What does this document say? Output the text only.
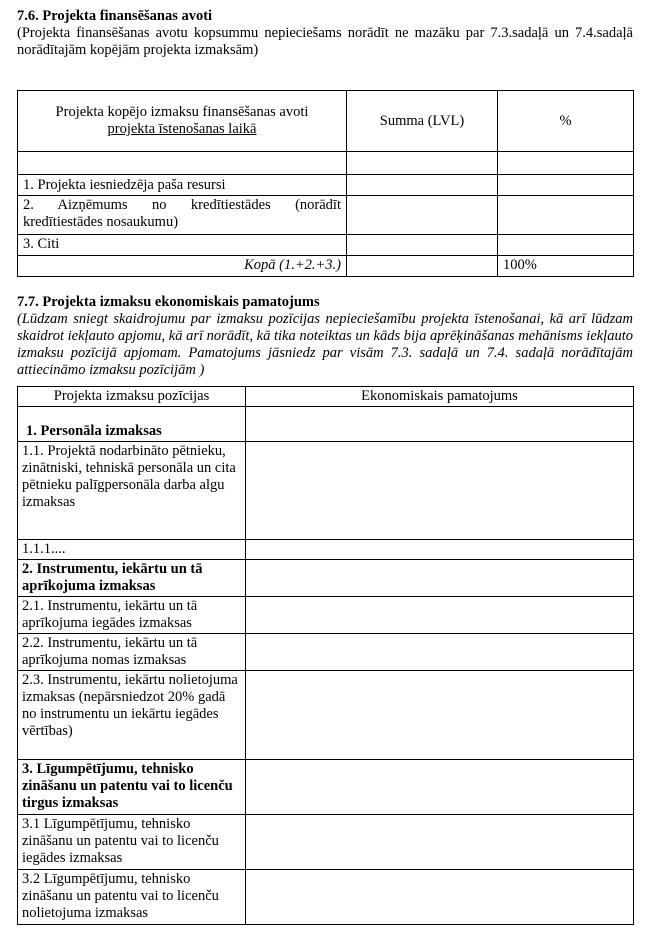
7.6. Projekta finansēšanas avoti

(Projekta finansēšanas avotu kopsummu nepieciešams norādīt ne mazāku par 7.3.sadaļā un 7.4.sadaļā norādītajām kopējām projekta izmaksām)

Projekta kopējo izmaksu finansēšanas avoti
projekta īstenošanas laikā	Summa (LVL)	%

1. Projekta iesniedzēja paša resursi		
2. Aizņēmums no kredītiestādes (norādīt kredītiestādes nosaukumu)		
3. Citi		
Kopā (1.+2.+3.)		100%

7.7. Projekta izmaksu ekonomiskais pamatojums

(Lūdzam sniegt skaidrojumu par izmaksu pozīcijas nepieciešamību projekta īstenošanai, kā arī lūdzam skaidrot iekļauto apjomu, kā arī norādīt, kā tika noteiktas un kāds bija aprēķināšanas mehānisms iekļauto izmaksu pozīcijā apjomam. Pamatojums jāsniedz par visām 7.3. sadaļā un 7.4. sadaļā norādītajām attiecināmo izmaksu pozīcijām )

Projekta izmaksu pozīcijas	Ekonomiskais pamatojums
1. Personāla izmaksas	
1.1. Projektā nodarbināto pētnieku, zinātniski, tehniskā personāla un cita pētnieku palīgpersonāla darba algu izmaksas	
1.1.1....	
2. Instrumentu, iekārtu un tā aprīkojuma izmaksas	
2.1. Instrumentu, iekārtu un tā aprīkojuma iegādes izmaksas	
2.2. Instrumentu, iekārtu un tā aprīkojuma nomas izmaksas	
2.3. Instrumentu, iekārtu nolietojuma izmaksas (nepārsniedzot 20% gadā no instrumentu un iekārtu iegādes vērtības)	
3. Līgumpētījumu, tehnisko zināšanu un patentu vai to licenču tirgus izmaksas	
3.1 Līgumpētījumu, tehnisko zināšanu un patentu vai to licenču iegādes izmaksas	
3.2 Līgumpētījumu, tehnisko zināšanu un patentu vai to licenču nolietojuma izmaksas	
